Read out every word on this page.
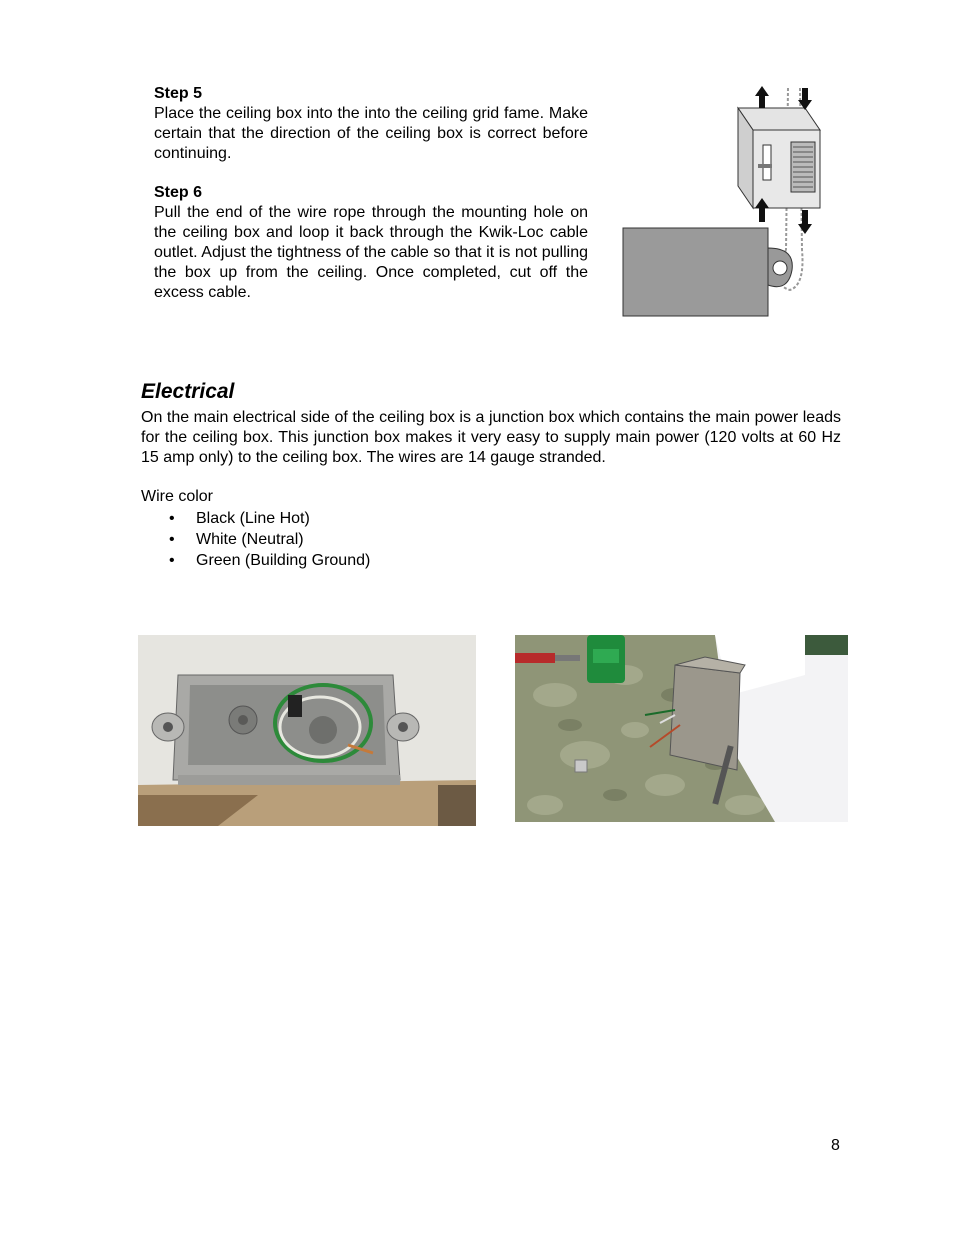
Step 5
Place the ceiling box into the into the ceiling grid fame. Make certain that the direction of the ceiling box is correct before continuing.
Step 6
Pull the end of the wire rope through the mounting hole on the ceiling box and loop it back through the Kwik-Loc cable outlet. Adjust the tightness of the cable so that it is not pulling the box up from the ceiling. Once completed, cut off the excess cable.
Electrical
On the main electrical side of the ceiling box is a junction box which contains the main power leads for the ceiling box. This junction box makes it very easy to supply main power (120 volts at 60 Hz 15 amp only) to the ceiling box. The wires are 14 gauge stranded.
Wire color
• Black (Line Hot)
• White (Neutral)
• Green (Building Ground)
8
